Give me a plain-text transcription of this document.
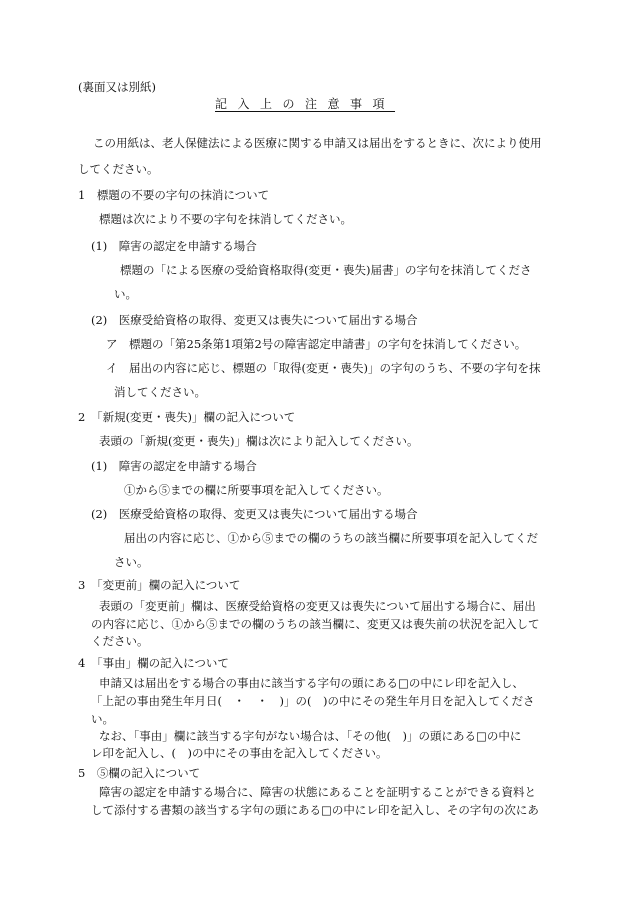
(裏面又は別紙)
記入上の注意事項
この用紙は、老人保健法による医療に関する申請又は届出をするときに、次により使用
してください。
1　標題の不要の字句の抹消について
標題は次により不要の字句を抹消してください。
(1)　障害の認定を申請する場合
標題の「による医療の受給資格取得(変更・喪失)届書」の字句を抹消してくださ
い。
(2)　医療受給資格の取得、変更又は喪失について届出する場合
ア　標題の「第25条第1項第2号の障害認定申請書」の字句を抹消してください。
イ　届出の内容に応じ、標題の「取得(変更・喪失)」の字句のうち、不要の字句を抹
消してください。
2　「新規(変更・喪失)」欄の記入について
表頭の「新規(変更・喪失)」欄は次により記入してください。
(1)　障害の認定を申請する場合
①から⑤までの欄に所要事項を記入してください。
(2)　医療受給資格の取得、変更又は喪失について届出する場合
届出の内容に応じ、①から⑤までの欄のうちの該当欄に所要事項を記入してくだ
さい。
3　「変更前」欄の記入について
表頭の「変更前」欄は、医療受給資格の変更又は喪失について届出する場合に、届出
の内容に応じ、①から⑤までの欄のうちの該当欄に、変更又は喪失前の状況を記入して
ください。
4　「事由」欄の記入について
申請又は届出をする場合の事由に該当する字句の頭にある□の中にレ印を記入し、
「上記の事由発生年月日(　・　・　)」の(　)の中にその発生年月日を記入してくださ
い。
なお、「事由」欄に該当する字句がない場合は、「その他(　)」の頭にある□の中に
レ印を記入し、(　)の中にその事由を記入してください。
5　⑤欄の記入について
障害の認定を申請する場合に、障害の状態にあることを証明することができる資料と
して添付する書類の該当する字句の頭にある□の中にレ印を記入し、その字句の次にあ
